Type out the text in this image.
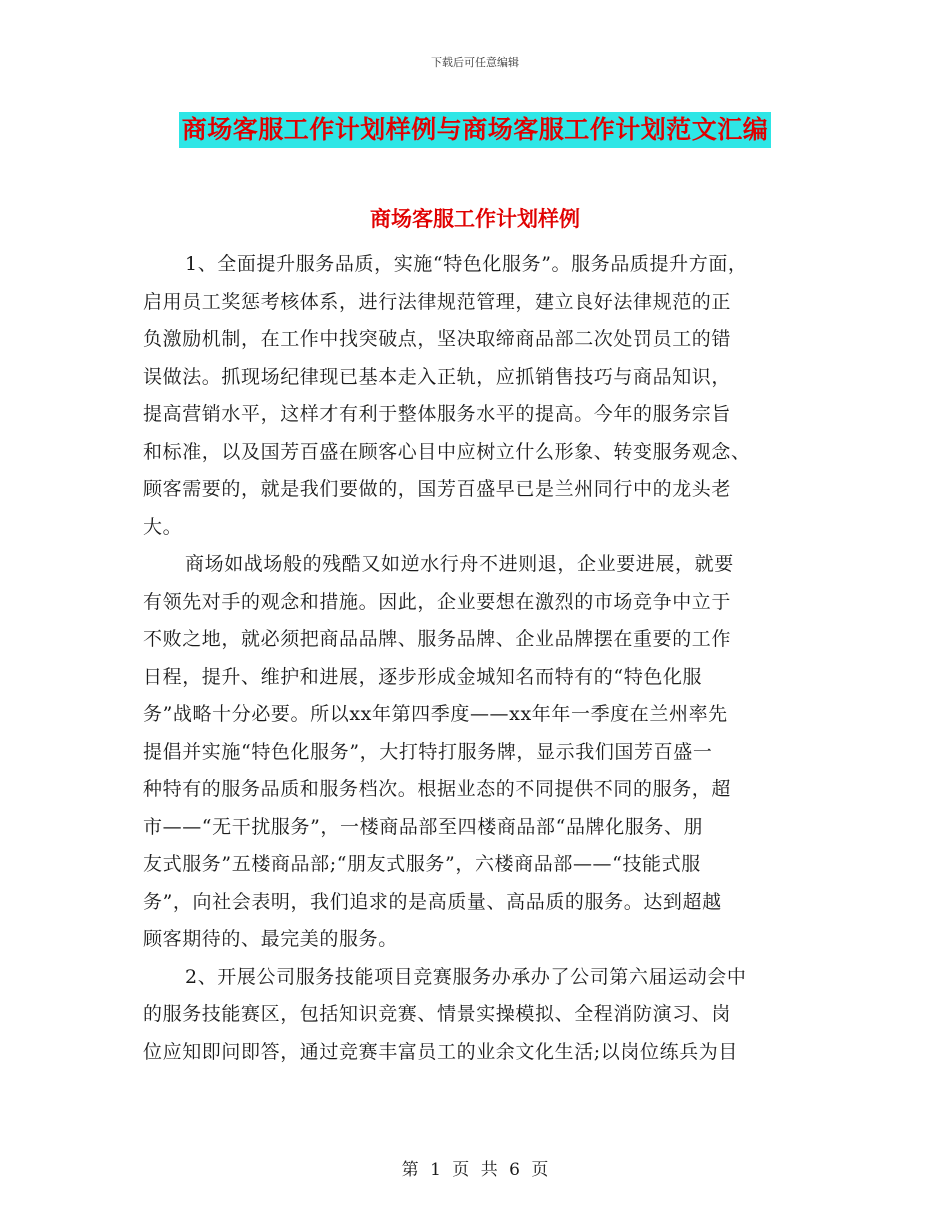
下载后可任意编辑
商场客服工作计划样例与商场客服工作计划范文汇编
商场客服工作计划样例
1、全面提升服务品质，实施“特色化服务”。服务品质提升方面，
启用员工奖惩考核体系，进行法律规范管理，建立良好法律规范的正
负激励机制，在工作中找突破点，坚决取缔商品部二次处罚员工的错
误做法。抓现场纪律现已基本走入正轨，应抓销售技巧与商品知识，
提高营销水平，这样才有利于整体服务水平的提高。今年的服务宗旨
和标准，以及国芳百盛在顾客心目中应树立什么形象、转变服务观念、
顾客需要的，就是我们要做的，国芳百盛早已是兰州同行中的龙头老
大。
商场如战场般的残酷又如逆水行舟不进则退，企业要进展，就要
有领先对手的观念和措施。因此，企业要想在激烈的市场竞争中立于
不败之地，就必须把商品品牌、服务品牌、企业品牌摆在重要的工作
日程，提升、维护和进展，逐步形成金城知名而特有的“特色化服
务”战略十分必要。所以xx年第四季度——xx年年一季度在兰州率先
提倡并实施“特色化服务”，大打特打服务牌，显示我们国芳百盛一
种特有的服务品质和服务档次。根据业态的不同提供不同的服务，超
市——“无干扰服务”，一楼商品部至四楼商品部“品牌化服务、朋
友式服务”五楼商品部;“朋友式服务”，六楼商品部——“技能式服
务”，向社会表明，我们追求的是高质量、高品质的服务。达到超越
顾客期待的、最完美的服务。
2、开展公司服务技能项目竞赛服务办承办了公司第六届运动会中
的服务技能赛区，包括知识竞赛、情景实操模拟、全程消防演习、岗
位应知即问即答，通过竞赛丰富员工的业余文化生活;以岗位练兵为目
第 1 页 共 6 页
